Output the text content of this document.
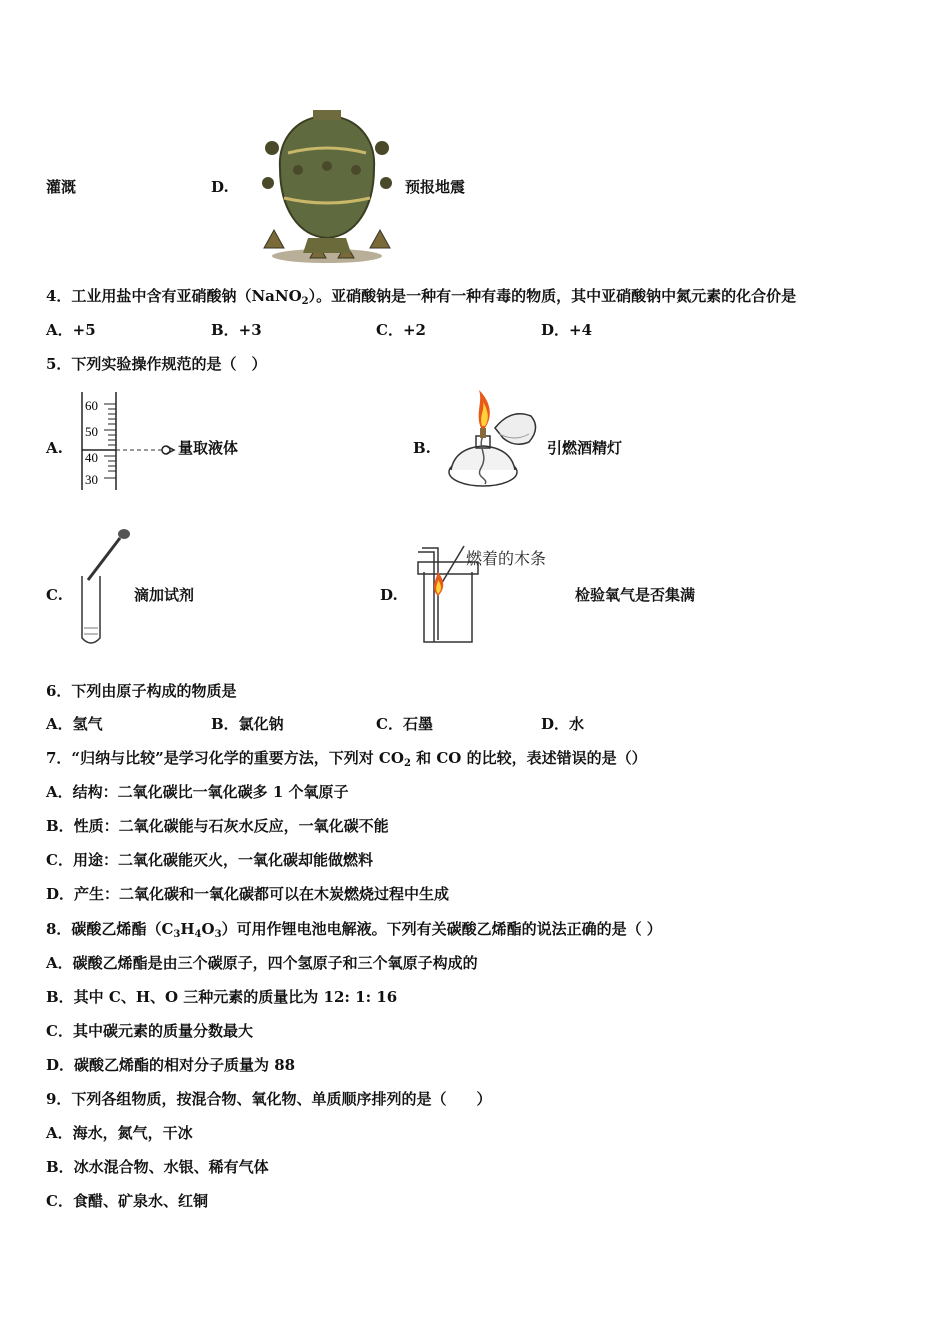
灌溉	D.	预报地震
4．工业用盐中含有亚硝酸钠（NaNO$_2$）。亚硝酸钠是一种有一种有毒的物质，其中亚硝酸钠中氮元素的化合价是
A．+5	B．+3	C．+2	D．+4
5．下列实验操作规范的是（　）
A.
60
50
40
30
量取液体	B.	引燃酒精灯
C.	滴加试剂	D.
燃着的木条
检验氧气是否集满
6．下列由原子构成的物质是
A．氢气	B．氯化钠	C．石墨	D．水
7．“归纳与比较”是学习化学的重要方法，下列对 $CO_2$ 和 CO 的比较，表述错误的是（）
A．结构：二氧化碳比一氧化碳多 1 个氧原子
B．性质：二氧化碳能与石灰水反应，一氧化碳不能
C．用途：二氧化碳能灭火，一氧化碳却能做燃料
D．产生：二氧化碳和一氧化碳都可以在木炭燃烧过程中生成
8．碳酸乙烯酯$(C_3H_4O_3)$可用作锂电池电解液。下列有关碳酸乙烯酯的说法正确的是（ ）
A．碳酸乙烯酯是由三个碳原子，四个氢原子和三个氧原子构成的
B．其中 C、H、O 三种元素的质量比为 12: 1: 16
C．其中碳元素的质量分数最大
D．碳酸乙烯酯的相对分子质量为 88
9．下列各组物质，按混合物、氧化物、单质顺序排列的是（　　）
A．海水，氮气，干冰
B．冰水混合物、水银、稀有气体
C．食醋、矿泉水、红铜
